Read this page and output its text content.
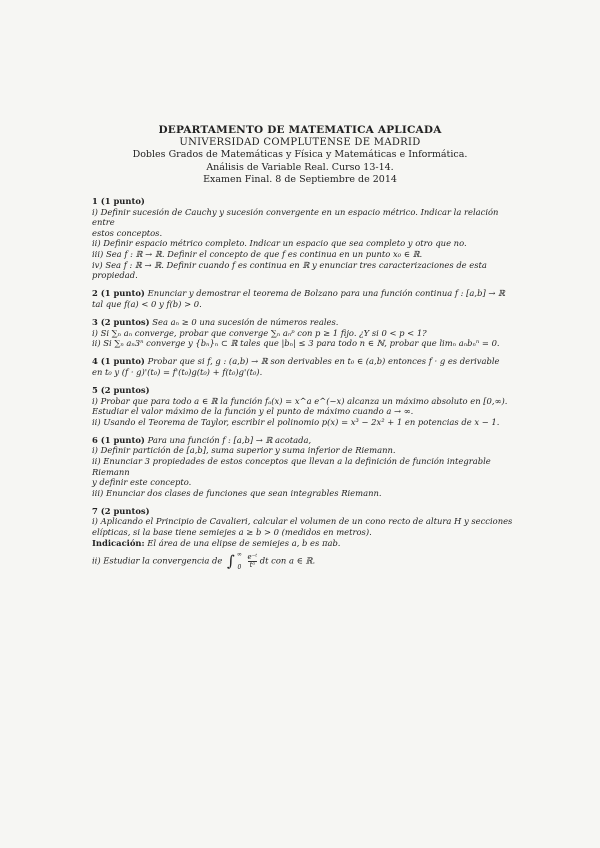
DEPARTAMENTO DE MATEMATICA APLICADA
UNIVERSIDAD COMPLUTENSE DE MADRID
Dobles Grados de Matemáticas y Física y Matemáticas e Informática.
Análisis de Variable Real. Curso 13-14.
Examen Final. 8 de Septiembre de 2014
1 (1 punto)
i) Definir sucesión de Cauchy y sucesión convergente en un espacio métrico. Indicar la relación entre
estos conceptos.
ii) Definir espacio métrico completo. Indicar un espacio que sea completo y otro que no.
iii) Sea f : ℝ → ℝ. Definir el concepto de que f es continua en un punto x₀ ∈ ℝ.
iv) Sea f : ℝ → ℝ. Definir cuando f es continua en ℝ y enunciar tres caracterizaciones de esta
propiedad.
2 (1 punto) Enunciar y demostrar el teorema de Bolzano para una función continua f : [a,b] → ℝ
tal que f(a) < 0 y f(b) > 0.
3 (2 puntos) Sea aₙ ≥ 0 una sucesión de números reales.
i) Si ∑ₙ aₙ converge, probar que converge ∑ₙ aₙᵖ con p ≥ 1 fijo. ¿Y si 0 < p < 1?
ii) Si ∑ₙ aₙ3ⁿ converge y {bₙ}ₙ ⊂ ℝ tales que |bₙ| ≤ 3 para todo n ∈ ℕ, probar que limₙ aₙbₙⁿ = 0.
4 (1 punto) Probar que si f, g : (a,b) → ℝ son derivables en t₀ ∈ (a,b) entonces f · g es derivable
en t₀ y (f · g)'(t₀) = f'(t₀)g(t₀) + f(t₀)g'(t₀).
5 (2 puntos)
i) Probar que para todo a ∈ ℝ la función fₐ(x) = x^a e^(−x) alcanza un máximo absoluto en [0,∞).
Estudiar el valor máximo de la función y el punto de máximo cuando a → ∞.
ii) Usando el Teorema de Taylor, escribir el polinomio p(x) = x³ − 2x² + 1 en potencias de x − 1.
6 (1 punto) Para una función f : [a,b] → ℝ acotada,
i) Definir partición de [a,b], suma superior y suma inferior de Riemann.
ii) Enunciar 3 propiedades de estos conceptos que llevan a la definición de función integrable Riemann
y definir este concepto.
iii) Enunciar dos clases de funciones que sean integrables Riemann.
7 (2 puntos)
i) Aplicando el Principio de Cavalieri, calcular el volumen de un cono recto de altura H y secciones
elípticas, si la base tiene semiejes a ≥ b > 0 (medidos en metros).
Indicación: El área de una elipse de semiejes a, b es πab.
ii) Estudiar la convergencia de ∫ ∞
0
$\frac{\text{e⁻ᵗ}}{\text{tᵃ}}$ dt con a ∈ ℝ.
